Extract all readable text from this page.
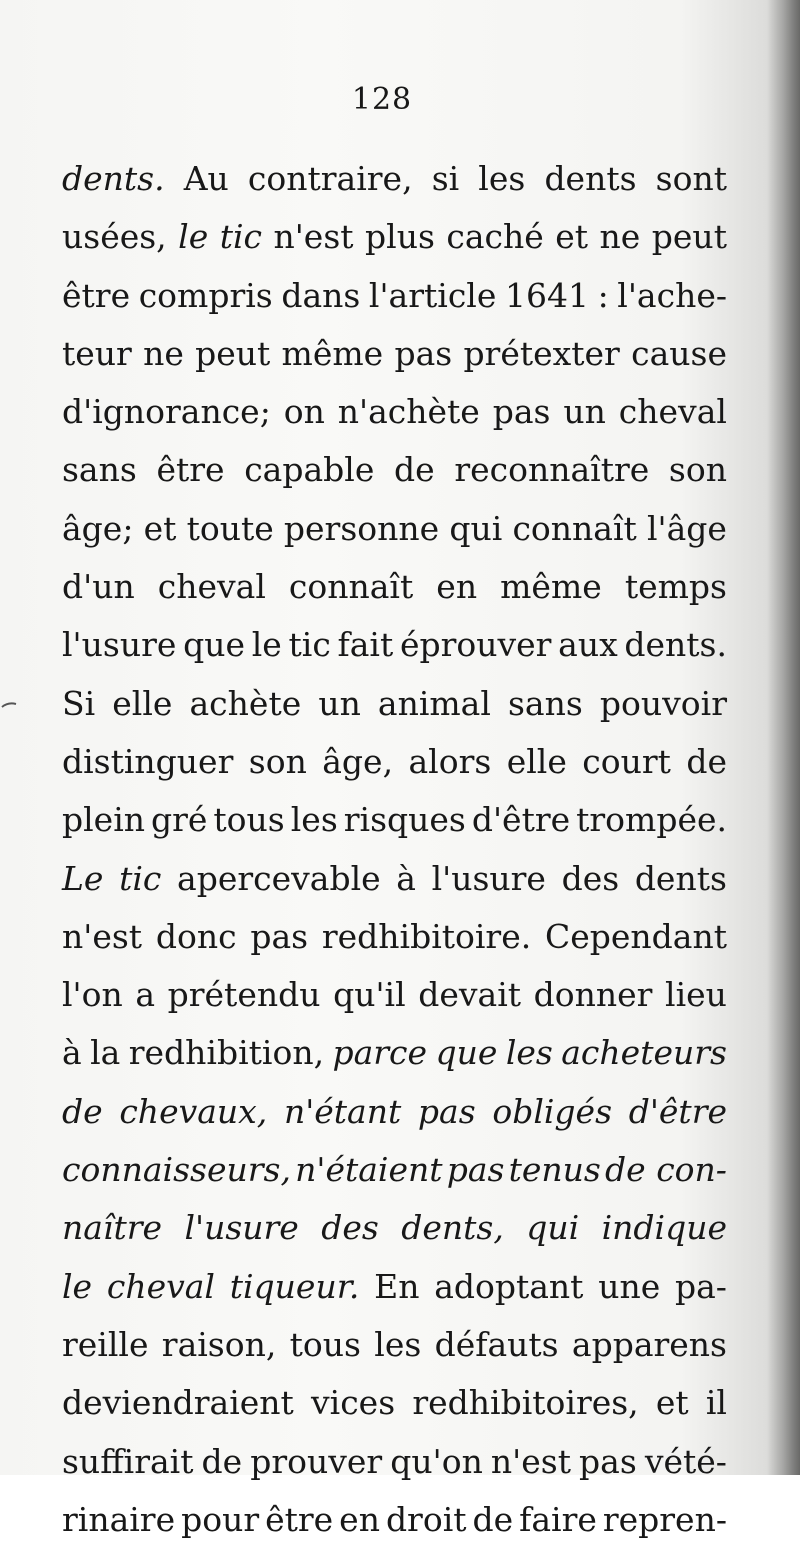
128
dents. Au contraire, si les dents sont
usées, le tic n'est plus caché et ne peut
être compris dans l'article 1641 : l'ache-
teur ne peut même pas prétexter cause
d'ignorance; on n'achète pas un cheval
sans être capable de reconnaître son
âge; et toute personne qui connaît l'âge
d'un cheval connaît en même temps
l'usure que le tic fait éprouver aux dents.
Si elle achète un animal sans pouvoir
distinguer son âge, alors elle court de
plein gré tous les risques d'être trompée.
Le tic apercevable à l'usure des dents
n'est donc pas redhibitoire. Cependant
l'on a prétendu qu'il devait donner lieu
à la redhibition, parce que les acheteurs
de chevaux, n'étant pas obligés d'être
connaisseurs, n'étaient pas tenus de con-
naître l'usure des dents, qui indique
le cheval tiqueur. En adoptant une pa-
reille raison, tous les défauts apparens
deviendraient vices redhibitoires, et il
suffirait de prouver qu'on n'est pas vété-
rinaire pour être en droit de faire repren-
